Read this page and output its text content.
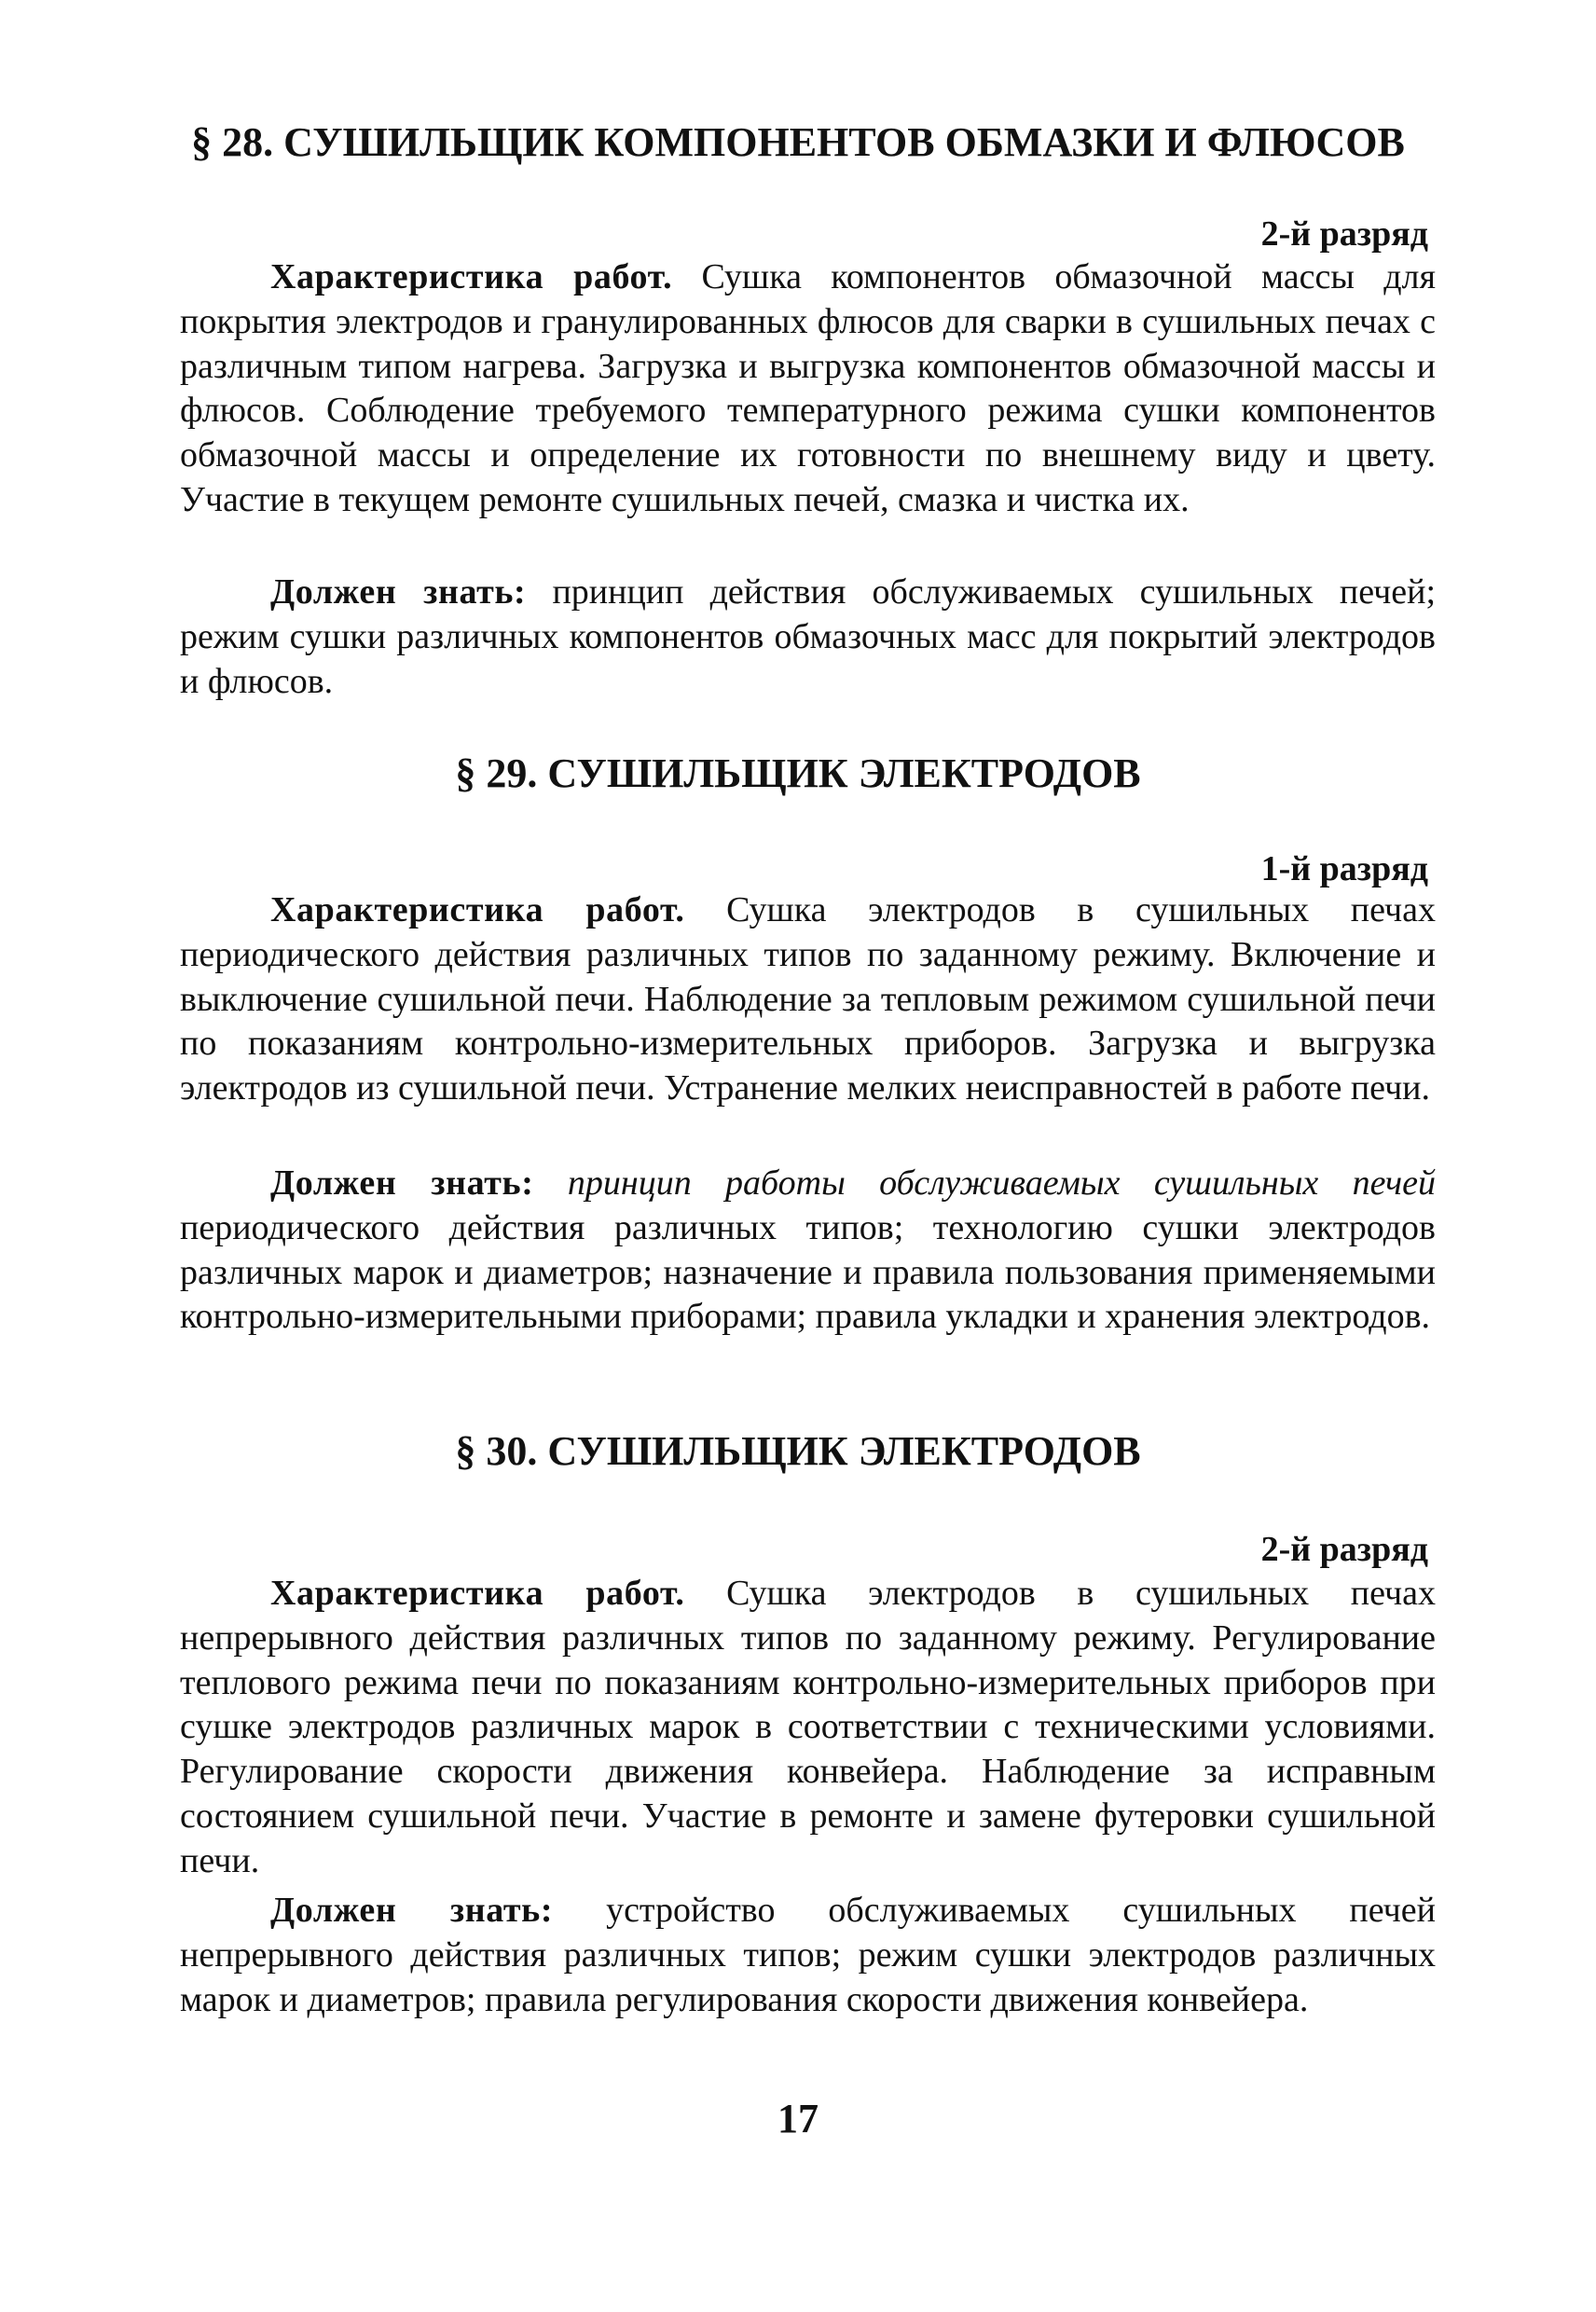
§ 28. СУШИЛЬЩИК КОМПОНЕНТОВ ОБМАЗКИ И ФЛЮСОВ
2-й разряд

Характеристика работ. Сушка компонентов обмазочной массы для покрытия электродов и гранулированных флюсов для сварки в сушильных печах с различным типом нагрева. Загрузка и выгрузка компонентов обмазочной массы и флюсов. Соблюдение требуемого температурного режима сушки компонентов обмазочной массы и определение их готовности по внешнему виду и цвету. Участие в текущем ремонте сушильных печей, смазка и чистка их.

Должен знать: принцип действия обслуживаемых сушильных печей; режим сушки различных компонентов обмазочных масс для покрытий электродов и флюсов.

§ 29. СУШИЛЬЩИК ЭЛЕКТРОДОВ
1-й разряд

Характеристика работ. Сушка электродов в сушильных печах периодического действия различных типов по заданному режиму. Включение и выключение сушильной печи. Наблюдение за тепловым режимом сушильной печи по показаниям контрольно-измерительных приборов. Загрузка и выгрузка электродов из сушильной печи. Устранение мелких неисправностей в работе печи.

Должен знать: принцип работы обслуживаемых сушильных печей периодического действия различных типов; технологию сушки электродов различных марок и диаметров; назначение и правила пользования применяемыми контрольно-измерительными приборами; правила укладки и хранения электродов.

§ 30. СУШИЛЬЩИК ЭЛЕКТРОДОВ
2-й разряд

Характеристика работ. Сушка электродов в сушильных печах непрерывного действия различных типов по заданному режиму. Регулирование теплового режима печи по показаниям контрольно-измерительных приборов при сушке электродов различных марок в соответствии с техническими условиями. Регулирование скорости движения конвейера. Наблюдение за исправным состоянием сушильной печи. Участие в ремонте и замене футеровки сушильной печи.

Должен знать: устройство обслуживаемых сушильных печей непрерывного действия различных типов; режим сушки электродов различных марок и диаметров; правила регулирования скорости движения конвейера.

17
